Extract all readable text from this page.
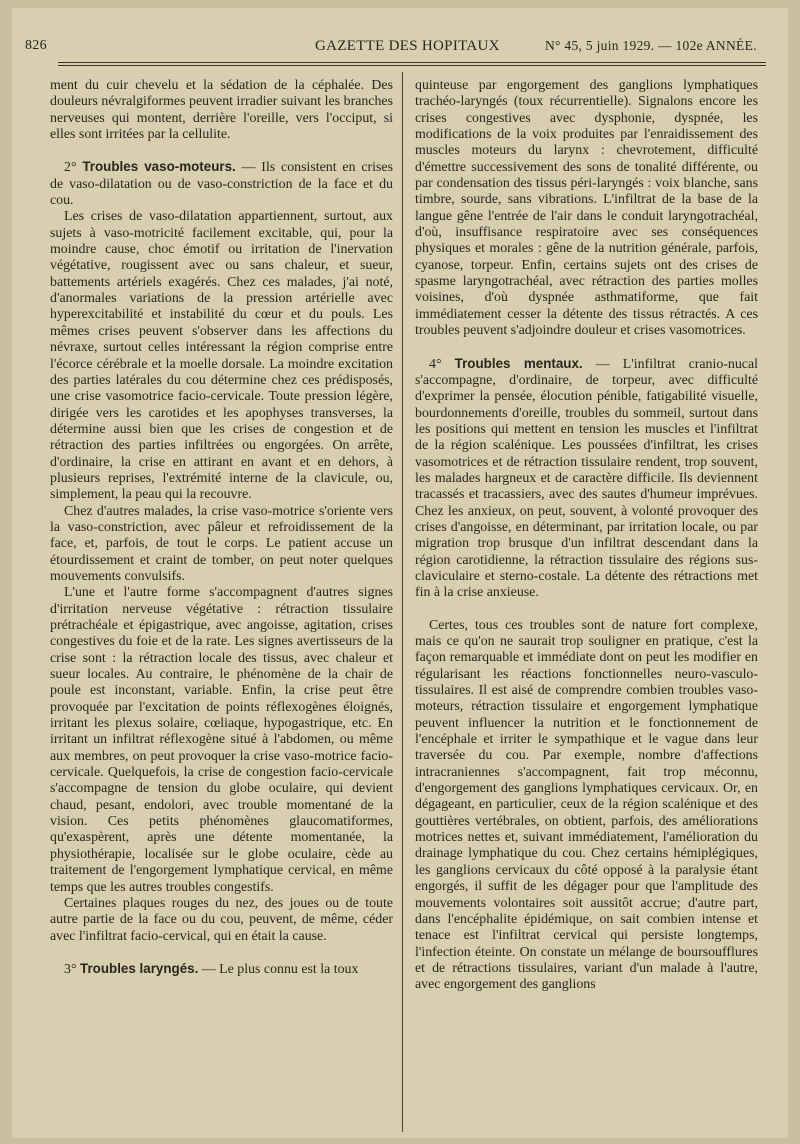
826	GAZETTE DES HOPITAUX	N° 45, 5 juin 1929. — 102e ANNÉE.

ment du cuir chevelu et la sédation de la céphalée. Des douleurs névralgiformes peuvent irradier suivant les branches nerveuses qui montent, derrière l'oreille, vers l'occiput, si elles sont irritées par la cellulite.

2° Troubles vaso-moteurs. — Ils consistent en crises de vaso-dilatation ou de vaso-constriction de la face et du cou.

Les crises de vaso-dilatation appartiennent, surtout, aux sujets à vaso-motricité facilement excitable, qui, pour la moindre cause, choc émotif ou irritation de l'inervation végétative, rougissent avec ou sans chaleur, et sueur, battements artériels exagérés. Chez ces malades, j'ai noté, d'anormales variations de la pression artérielle avec hyperexcitabilité et instabilité du cœur et du pouls. Les mêmes crises peuvent s'observer dans les affections du névraxe, surtout celles intéressant la région comprise entre l'écorce cérébrale et la moelle dorsale. La moindre excitation des parties latérales du cou détermine chez ces prédisposés, une crise vasomotrice facio-cervicale. Toute pression légère, dirigée vers les carotides et les apophyses transverses, la détermine aussi bien que les crises de congestion et de rétraction des parties infiltrées ou engorgées. On arrête, d'ordinaire, la crise en attirant en avant et en dehors, à plusieurs reprises, l'extrémité interne de la clavicule, ou, simplement, la peau qui la recouvre.

Chez d'autres malades, la crise vaso-motrice s'oriente vers la vaso-constriction, avec pâleur et refroidissement de la face, et, parfois, de tout le corps. Le patient accuse un étourdissement et craint de tomber, on peut noter quelques mouvements convulsifs.

L'une et l'autre forme s'accompagnent d'autres signes d'irritation nerveuse végétative : rétraction tissulaire prétrachéale et épigastrique, avec angoisse, agitation, crises congestives du foie et de la rate. Les signes avertisseurs de la crise sont : la rétraction locale des tissus, avec chaleur et sueur locales. Au contraire, le phénomène de la chair de poule est inconstant, variable. Enfin, la crise peut être provoquée par l'excitation de points réflexogènes éloignés, irritant les plexus solaire, cœliaque, hypogastrique, etc. En irritant un infiltrat réflexogène situé à l'abdomen, ou même aux membres, on peut provoquer la crise vaso-motrice facio-cervicale. Quelquefois, la crise de congestion facio-cervicale s'accompagne de tension du globe oculaire, qui devient chaud, pesant, endolori, avec trouble momentané de la vision. Ces petits phénomènes glaucomatiformes, qu'exaspèrent, après une détente momentanée, la physiothérapie, localisée sur le globe oculaire, cède au traitement de l'engorgement lymphatique cervical, en même temps que les autres troubles congestifs.

Certaines plaques rouges du nez, des joues ou de toute autre partie de la face ou du cou, peuvent, de même, céder avec l'infiltrat facio-cervical, qui en était la cause.

3° Troubles laryngés. — Le plus connu est la toux

quinteuse par engorgement des ganglions lymphatiques trachéo-laryngés (toux récurrentielle). Signalons encore les crises congestives avec dysphonie, dyspnée, les modifications de la voix produites par l'enraidissement des muscles moteurs du larynx : chevrotement, difficulté d'émettre successivement des sons de tonalité différente, ou par condensation des tissus péri-laryngés : voix blanche, sans timbre, sourde, sans vibrations. L'infiltrat de la base de la langue gêne l'entrée de l'air dans le conduit laryngotrachéal, d'où, insuffisance respiratoire avec ses conséquences physiques et morales : gêne de la nutrition générale, parfois, cyanose, torpeur. Enfin, certains sujets ont des crises de spasme laryngotrachéal, avec rétraction des parties molles voisines, d'où dyspnée asthmatiforme, que fait immédiatement cesser la détente des tissus rétractés. A ces troubles peuvent s'adjoindre douleur et crises vasomotrices.

4° Troubles mentaux. — L'infiltrat cranio-nucal s'accompagne, d'ordinaire, de torpeur, avec difficulté d'exprimer la pensée, élocution pénible, fatigabilité visuelle, bourdonnements d'oreille, troubles du sommeil, surtout dans les positions qui mettent en tension les muscles et l'infiltrat de la région scalénique. Les poussées d'infiltrat, les crises vasomotrices et de rétraction tissulaire rendent, trop souvent, les malades hargneux et de caractère difficile. Ils deviennent tracassés et tracassiers, avec des sautes d'humeur imprévues. Chez les anxieux, on peut, souvent, à volonté provoquer des crises d'angoisse, en déterminant, par irritation locale, ou par migration trop brusque d'un infiltrat descendant dans la région carotidienne, la rétraction tissulaire des régions sus-claviculaire et sterno-costale. La détente des rétractions met fin à la crise anxieuse.

Certes, tous ces troubles sont de nature fort complexe, mais ce qu'on ne saurait trop souligner en pratique, c'est la façon remarquable et immédiate dont on peut les modifier en régularisant les réactions fonctionnelles neuro-vasculo-tissulaires. Il est aisé de comprendre combien troubles vaso-moteurs, rétraction tissulaire et engorgement lymphatique peuvent influencer la nutrition et le fonctionnement de l'encéphale et irriter le sympathique et le vague dans leur traversée du cou. Par exemple, nombre d'affections intracraniennes s'accompagnent, fait trop méconnu, d'engorgement des ganglions lymphatiques cervicaux. Or, en dégageant, en particulier, ceux de la région scalénique et des gouttières vertébrales, on obtient, parfois, des améliorations motrices nettes et, suivant immédiatement, l'amélioration du drainage lymphatique du cou. Chez certains hémiplégiques, les ganglions cervicaux du côté opposé à la paralysie étant engorgés, il suffit de les dégager pour que l'amplitude des mouvements volontaires soit aussitôt accrue; d'autre part, dans l'encéphalite épidémique, on sait combien intense et tenace est l'infiltrat cervical qui persiste longtemps, l'infection éteinte. On constate un mélange de boursoufflures et de rétractions tissulaires, variant d'un malade à l'autre, avec engorgement des ganglions
